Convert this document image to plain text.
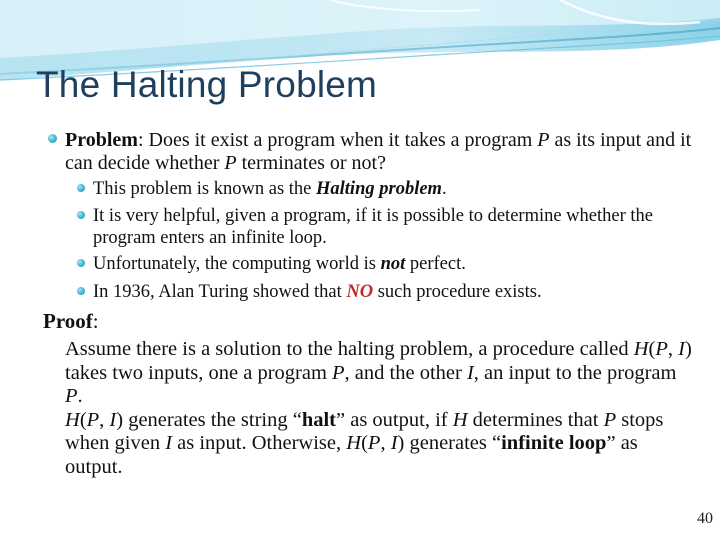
The Halting Problem
Problem: Does it exist a program when it takes a program P as its input and it can decide whether P terminates or not?
This problem is known as the Halting problem.
It is very helpful, given a program, if it is possible to determine whether the program enters an infinite loop.
Unfortunately, the computing world is not perfect.
In 1936, Alan Turing showed that NO such procedure exists.
Proof:
Assume there is a solution to the halting problem, a procedure called H(P, I) takes two inputs, one a program P, and the other I, an input to the program P.
H(P, I) generates the string “halt” as output, if H determines that P stops when given I as input. Otherwise, H(P, I) generates “infinite loop” as output.
40
